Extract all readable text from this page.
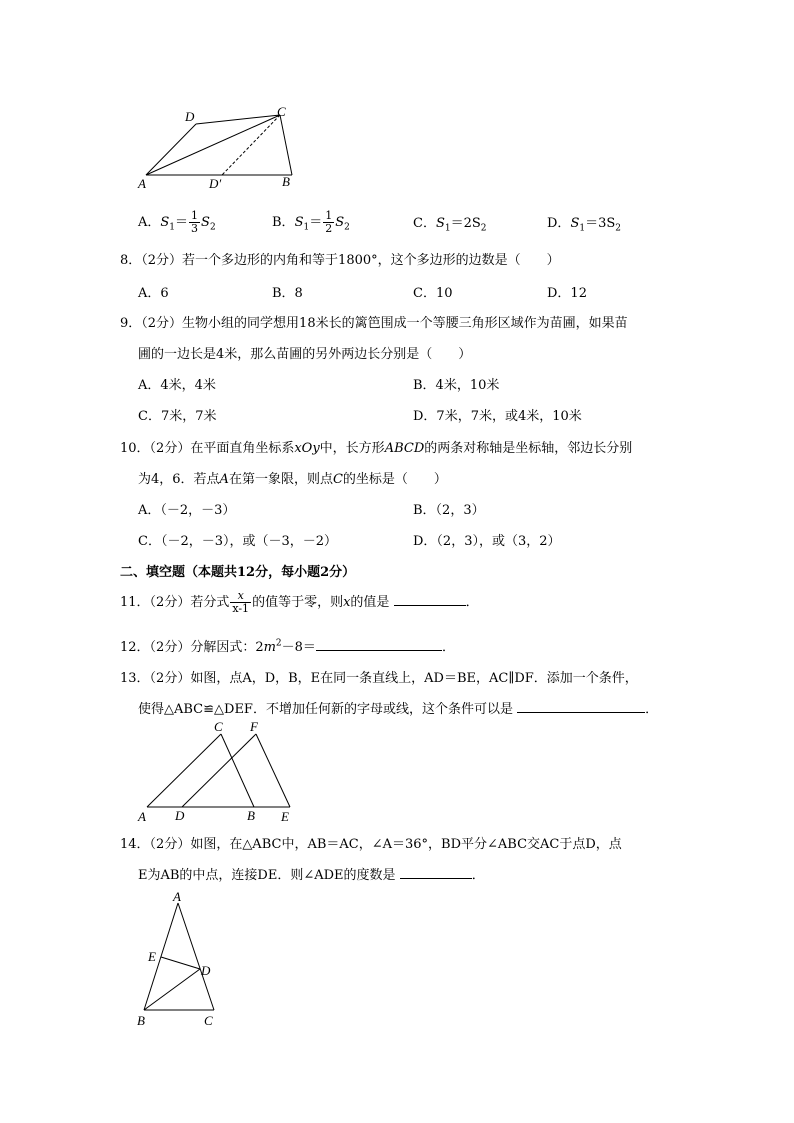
A	D′	B
D	C
A．$S_1= \frac{1}{3} S_2$	B．$S_1= \frac{1}{2} S_2$	C．$S_1=2S_2$	D．$S_1=3S_2$
8．（2分）若一个多边形的内角和等于1800°，这个多边形的边数是（　　）
A．6	B．8	C．10	D．12
9．（2分）生物小组的同学想用18米长的篱笆围成一个等腰三角形区域作为苗圃，如果苗
圃的一边长是4米，那么苗圃的另外两边长分别是（　　）
A．4米，4米	B．4米，10米
C．7米，7米	D．7米，7米，或4米，10米
10．（2分）在平面直角坐标系xOy中，长方形ABCD的两条对称轴是坐标轴，邻边长分别
为4，6．若点A在第一象限，则点C的坐标是（　　）
A．（－2，－3）	B．（2，3）
C．（－2，－3），或（－3，－2）	D．（2，3），或（3，2）
二、填空题（本题共12分，每小题2分）
11．（2分）若分式 $\frac{x}{x-1}$ 的值等于零，则x的值是	．
12．（2分）分解因式：$2m^2-8=$	．
13．（2分）如图，点A，D，B，E在同一条直线上，AD＝BE，AC∥DF．添加一个条件，
使得△ABC≌△DEF．不增加任何新的字母或线，这个条件可以是	．
A D	B E
C F
14．（2分）如图，在△ABC中，AB＝AC，∠A＝36°，BD平分∠ABC交AC于点D，点
E为AB的中点，连接DE．则∠ADE的度数是	．
A
E
D
B	C
